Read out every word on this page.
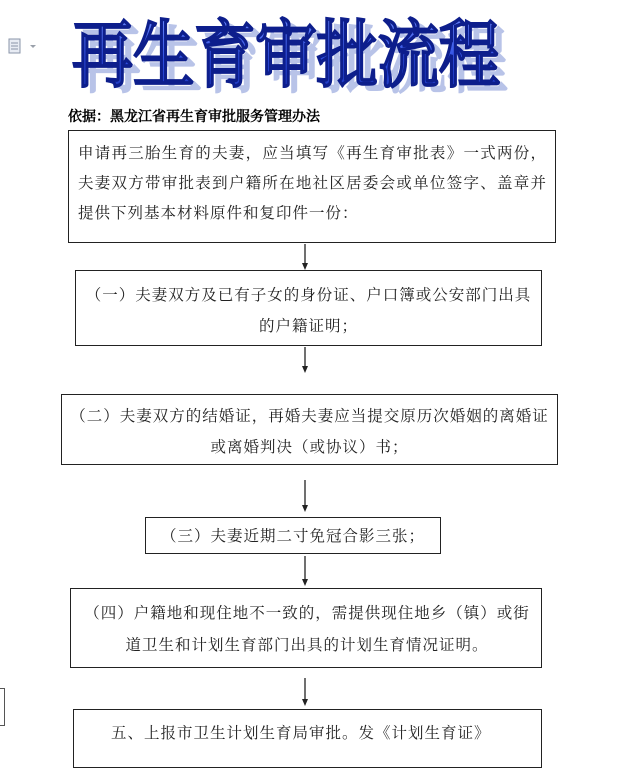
再生育审批流程
再生育审批流程
依据：黑龙江省再生育审批服务管理办法
申请再三胎生育的夫妻，应当填写《再生育审批表》一式两份，夫妻双方带审批表到户籍所在地社区居委会或单位签字、盖章并提供下列基本材料原件和复印件一份：
（一）夫妻双方及已有子女的身份证、户口簿或公安部门出具的户籍证明；
（二）夫妻双方的结婚证，再婚夫妻应当提交原历次婚姻的离婚证或离婚判决（或协议）书；
（三）夫妻近期二寸免冠合影三张；
（四）户籍地和现住地不一致的，需提供现住地乡（镇）或街道卫生和计划生育部门出具的计划生育情况证明。
五、上报市卫生计划生育局审批。发《计划生育证》
